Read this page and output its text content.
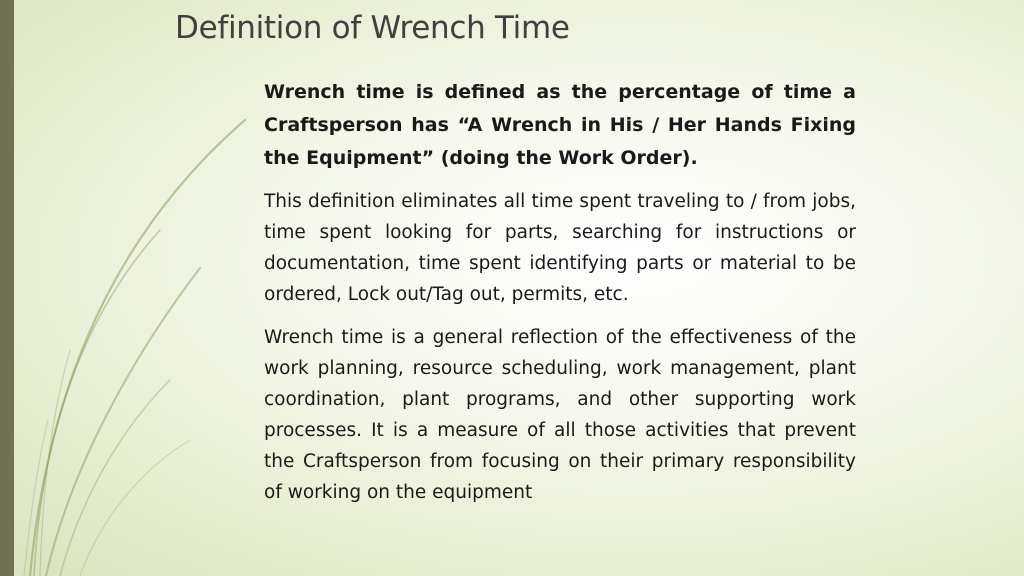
Definition of Wrench Time

Wrench time is defined as the percentage of time a Craftsperson has “A Wrench in His / Her Hands Fixing the Equipment” (doing the Work Order).

This definition eliminates all time spent traveling to / from jobs, time spent looking for parts, searching for instructions or documentation, time spent identifying parts or material to be ordered, Lock out/Tag out, permits, etc.

Wrench time is a general reflection of the effectiveness of the work planning, resource scheduling, work management, plant coordination, plant programs, and other supporting work processes. It is a measure of all those activities that prevent the Craftsperson from focusing on their primary responsibility of working on the equipment
